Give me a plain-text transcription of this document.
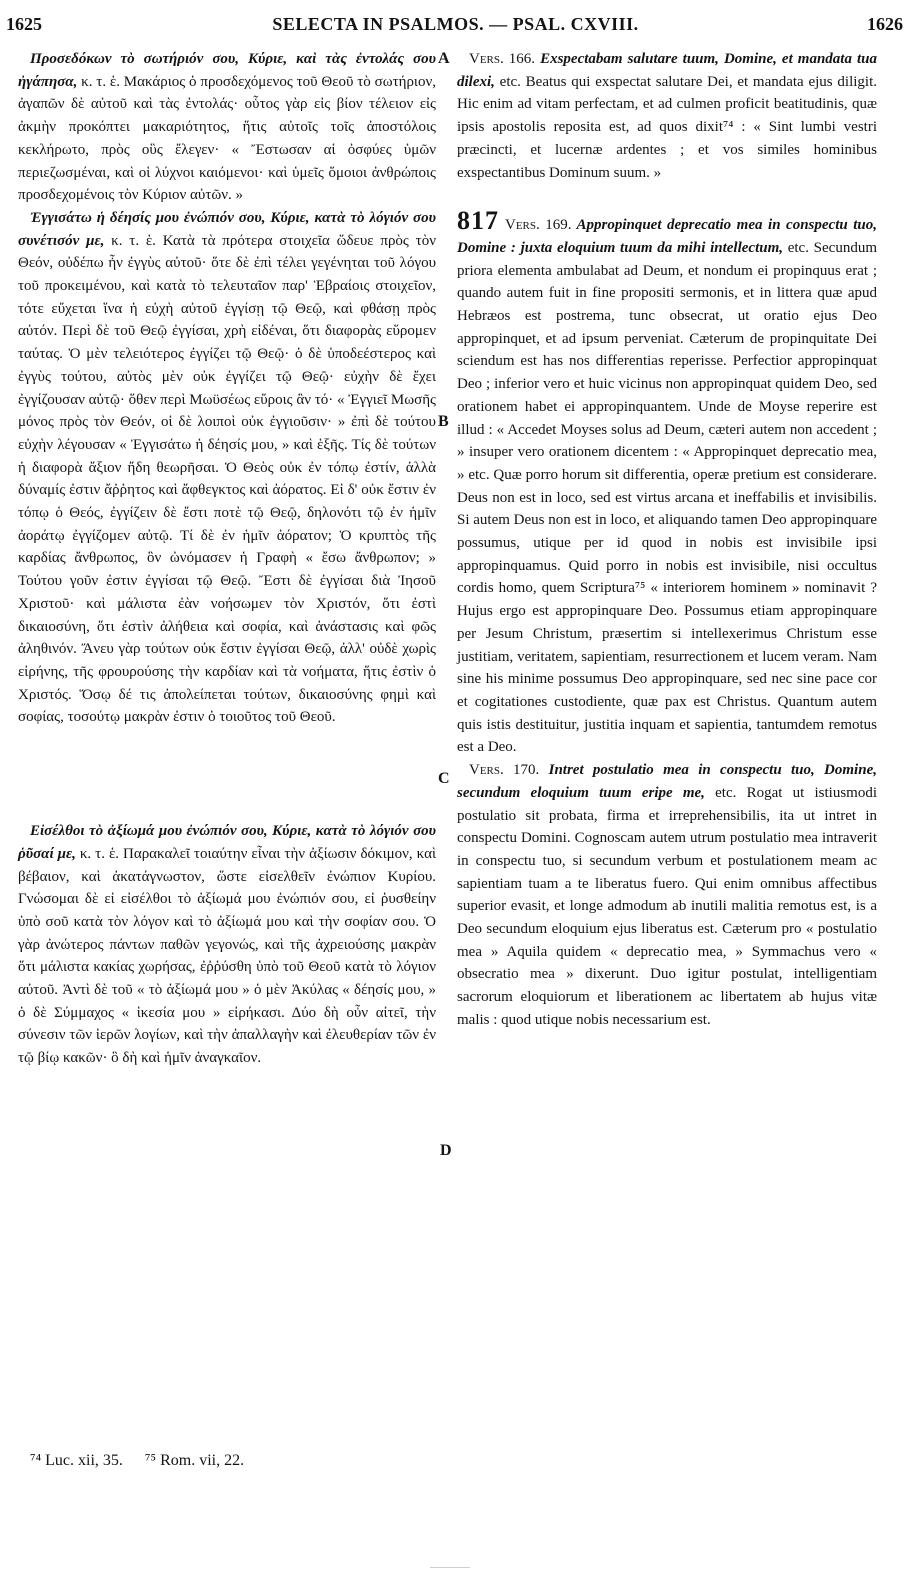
1625	SELECTA IN PSALMOS. — PSAL. CXVIII.	1626
A
B
C
D

Προσεδόκων τὸ σωτήριόν σου, Κύριε, καὶ τὰς ἐντολάς σου ἠγάπησα, κ. τ. ἑ. Μακάριος ὁ προσδεχόμενος τοῦ Θεοῦ τὸ σωτήριον, ἀγαπῶν δὲ αὐτοῦ καὶ τὰς ἐντολάς· οὗτος γὰρ εἰς βίον τέλειον εἰς ἀκμὴν προκόπτει μακαριότητος, ἥτις αὐτοῖς τοῖς ἀποστόλοις κεκλήρωτο, πρὸς οὓς ἔλεγεν· « Ἔστωσαν αἱ ὀσφύες ὑμῶν περιεζωσμέναι, καὶ οἱ λύχνοι καιόμενοι· καὶ ὑμεῖς ὅμοιοι ἀνθρώποις προσδεχομένοις τὸν Κύριον αὐτῶν. »

Ἐγγισάτω ἡ δέησίς μου ἐνώπιόν σου, Κύριε, κατὰ τὸ λόγιόν σου συνέτισόν με, κ. τ. ἑ. Κατὰ τὰ πρότερα στοιχεῖα ὥδευε πρὸς τὸν Θεόν, οὐδέπω ἦν ἐγγὺς αὐτοῦ· ὅτε δὲ ἐπὶ τέλει γεγένηται τοῦ λόγου τοῦ προκειμένου, καὶ κατὰ τὸ τελευταῖον παρ' Ἑβραίοις στοιχεῖον, τότε εὔχεται ἵνα ἡ εὐχὴ αὐτοῦ ἐγγίσῃ τῷ Θεῷ, καὶ φθάσῃ πρὸς αὐτόν. Περὶ δὲ τοῦ Θεῷ ἐγγίσαι, χρὴ εἰδέναι, ὅτι διαφορὰς εὕρομεν ταύτας. Ὁ μὲν τελειότερος ἐγγίζει τῷ Θεῷ· ὁ δὲ ὑποδεέστερος καὶ ἐγγὺς τούτου, αὐτὸς μὲν οὐκ ἐγγίζει τῷ Θεῷ· εὐχὴν δὲ ἔχει ἐγγίζουσαν αὐτῷ· ὅθεν περὶ Μωϋσέως εὕροις ἂν τό· « Ἐγγιεῖ Μωσῆς μόνος πρὸς τὸν Θεόν, οἱ δὲ λοιποὶ οὐκ ἐγγιοῦσιν· » ἐπὶ δὲ τούτου εὐχὴν λέγουσαν « Ἐγγισάτω ἡ δέησίς μου, » καὶ ἑξῆς. Τίς δὲ τούτων ἡ διαφορὰ ἄξιον ἤδη θεωρῆσαι. Ὁ Θεὸς οὐκ ἐν τόπῳ ἐστίν, ἀλλὰ δύναμίς ἐστιν ἄῤῥητος καὶ ἄφθεγκτος καὶ ἀόρατος. Εἰ δ' οὐκ ἔστιν ἐν τόπῳ ὁ Θεός, ἐγγίζειν δὲ ἔστι ποτὲ τῷ Θεῷ, δηλονότι τῷ ἐν ἡμῖν ἀοράτῳ ἐγγίζομεν αὐτῷ. Τί δὲ ἐν ἡμῖν ἀόρατον; Ὁ κρυπτὸς τῆς καρδίας ἄνθρωπος, ὃν ὠνόμασεν ἡ Γραφὴ « ἔσω ἄνθρωπον; » Τούτου γοῦν ἐστιν ἐγγίσαι τῷ Θεῷ. Ἔστι δὲ ἐγγίσαι διὰ Ἰησοῦ Χριστοῦ· καὶ μάλιστα ἐὰν νοήσωμεν τὸν Χριστόν, ὅτι ἐστὶ δικαιοσύνη, ὅτι ἐστὶν ἀλήθεια καὶ σοφία, καὶ ἀνάστασις καὶ φῶς ἀληθινόν. Ἄνευ γὰρ τούτων οὐκ ἔστιν ἐγγίσαι Θεῷ, ἀλλ' οὐδὲ χωρὶς εἰρήνης, τῆς φρουρούσης τὴν καρδίαν καὶ τὰ νοήματα, ἥτις ἐστὶν ὁ Χριστός. Ὅσῳ δέ τις ἀπολείπεται τούτων, δικαιοσύνης φημὶ καὶ σοφίας, τοσούτῳ μακρὰν ἐστιν ὁ τοιοῦτος τοῦ Θεοῦ.

Εἰσέλθοι τὸ ἀξίωμά μου ἐνώπιόν σου, Κύριε, κατὰ τὸ λόγιόν σου ῥῦσαί με, κ. τ. ἑ. Παρακαλεῖ τοιαύτην εἶναι τὴν ἀξίωσιν δόκιμον, καὶ βέβαιον, καὶ ἀκατάγνωστον, ὥστε εἰσελθεῖν ἐνώπιον Κυρίου. Γνώσομαι δὲ εἰ εἰσέλθοι τὸ ἀξίωμά μου ἐνώπιόν σου, εἰ ῥυσθείην ὑπὸ σοῦ κατὰ τὸν λόγον καὶ τὸ ἀξίωμά μου καὶ τὴν σοφίαν σου. Ὁ γὰρ ἀνώτερος πάντων παθῶν γεγονώς, καὶ τῆς ἀχρειούσης μακρὰν ὅτι μάλιστα κακίας χωρήσας, ἐῤῥύσθη ὑπὸ τοῦ Θεοῦ κατὰ τὸ λόγιον αὐτοῦ. Ἀντὶ δὲ τοῦ « τὸ ἀξίωμά μου » ὁ μὲν Ἀκύλας « δέησίς μου, » ὁ δὲ Σύμμαχος « ἱκεσία μου » εἰρήκασι. Δύο δὴ οὖν αἰτεῖ, τὴν σύνεσιν τῶν ἱερῶν λογίων, καὶ τὴν ἀπαλλαγὴν καὶ ἐλευθερίαν τῶν ἐν τῷ βίῳ κακῶν· ὃ δὴ καὶ ἡμῖν ἀναγκαῖον.

Vers. 166. Exspectabam salutare tuum, Domine, et mandata tua dilexi, etc. Beatus qui exspectat salutare Dei, et mandata ejus diligit. Hic enim ad vitam perfectam, et ad culmen proficit beatitudinis, quæ ipsis apostolis reposita est, ad quos dixit⁷⁴ : « Sint lumbi vestri præcincti, et lucernæ ardentes ; et vos similes hominibus exspectantibus Dominum suum. »

817 Vers. 169. Appropinquet deprecatio mea in conspectu tuo, Domine : juxta eloquium tuum da mihi intellectum, etc. Secundum priora elementa ambulabat ad Deum, et nondum ei propinquus erat ; quando autem fuit in fine propositi sermonis, et in littera quæ apud Hebræos est postrema, tunc obsecrat, ut oratio ejus Deo appropinquet, et ad ipsum perveniat. Cæterum de propinquitate Dei sciendum est has nos differentias reperisse. Perfectior appropinquat Deo ; inferior vero et huic vicinus non appropinquat quidem Deo, sed orationem habet ei appropinquantem. Unde de Moyse reperire est illud : « Accedet Moyses solus ad Deum, cæteri autem non accedent ; » insuper vero orationem dicentem : « Appropinquet deprecatio mea, » etc. Quæ porro horum sit differentia, operæ pretium est considerare. Deus non est in loco, sed est virtus arcana et ineffabilis et invisibilis. Si autem Deus non est in loco, et aliquando tamen Deo appropinquare possumus, utique per id quod in nobis est invisibile ipsi appropinquamus. Quid porro in nobis est invisibile, nisi occultus cordis homo, quem Scriptura⁷⁵ « interiorem hominem » nominavit ? Hujus ergo est appropinquare Deo. Possumus etiam appropinquare per Jesum Christum, præsertim si intellexerimus Christum esse justitiam, veritatem, sapientiam, resurrectionem et lucem veram. Nam sine his minime possumus Deo appropinquare, sed nec sine pace cor et cogitationes custodiente, quæ pax est Christus. Quantum autem quis istis destituitur, justitia inquam et sapientia, tantumdem remotus est a Deo.

Vers. 170. Intret postulatio mea in conspectu tuo, Domine, secundum eloquium tuum eripe me, etc. Rogat ut istiusmodi postulatio sit probata, firma et irreprehensibilis, ita ut intret in conspectu Domini. Cognoscam autem utrum postulatio mea intraverit in conspectu tuo, si secundum verbum et postulationem meam ac sapientiam tuam a te liberatus fuero. Qui enim omnibus affectibus superior evasit, et longe admodum ab inutili malitia remotus est, is a Deo secundum eloquium ejus liberatus est. Cæterum pro « postulatio mea » Aquila quidem « deprecatio mea, » Symmachus vero « obsecratio mea » dixerunt. Duo igitur postulat, intelligentiam sacrorum eloquiorum et liberationem ac libertatem ab hujus vitæ malis : quod utique nobis necessarium est.

⁷⁴ Luc. xii, 35. ⁷⁵ Rom. vii, 22.
